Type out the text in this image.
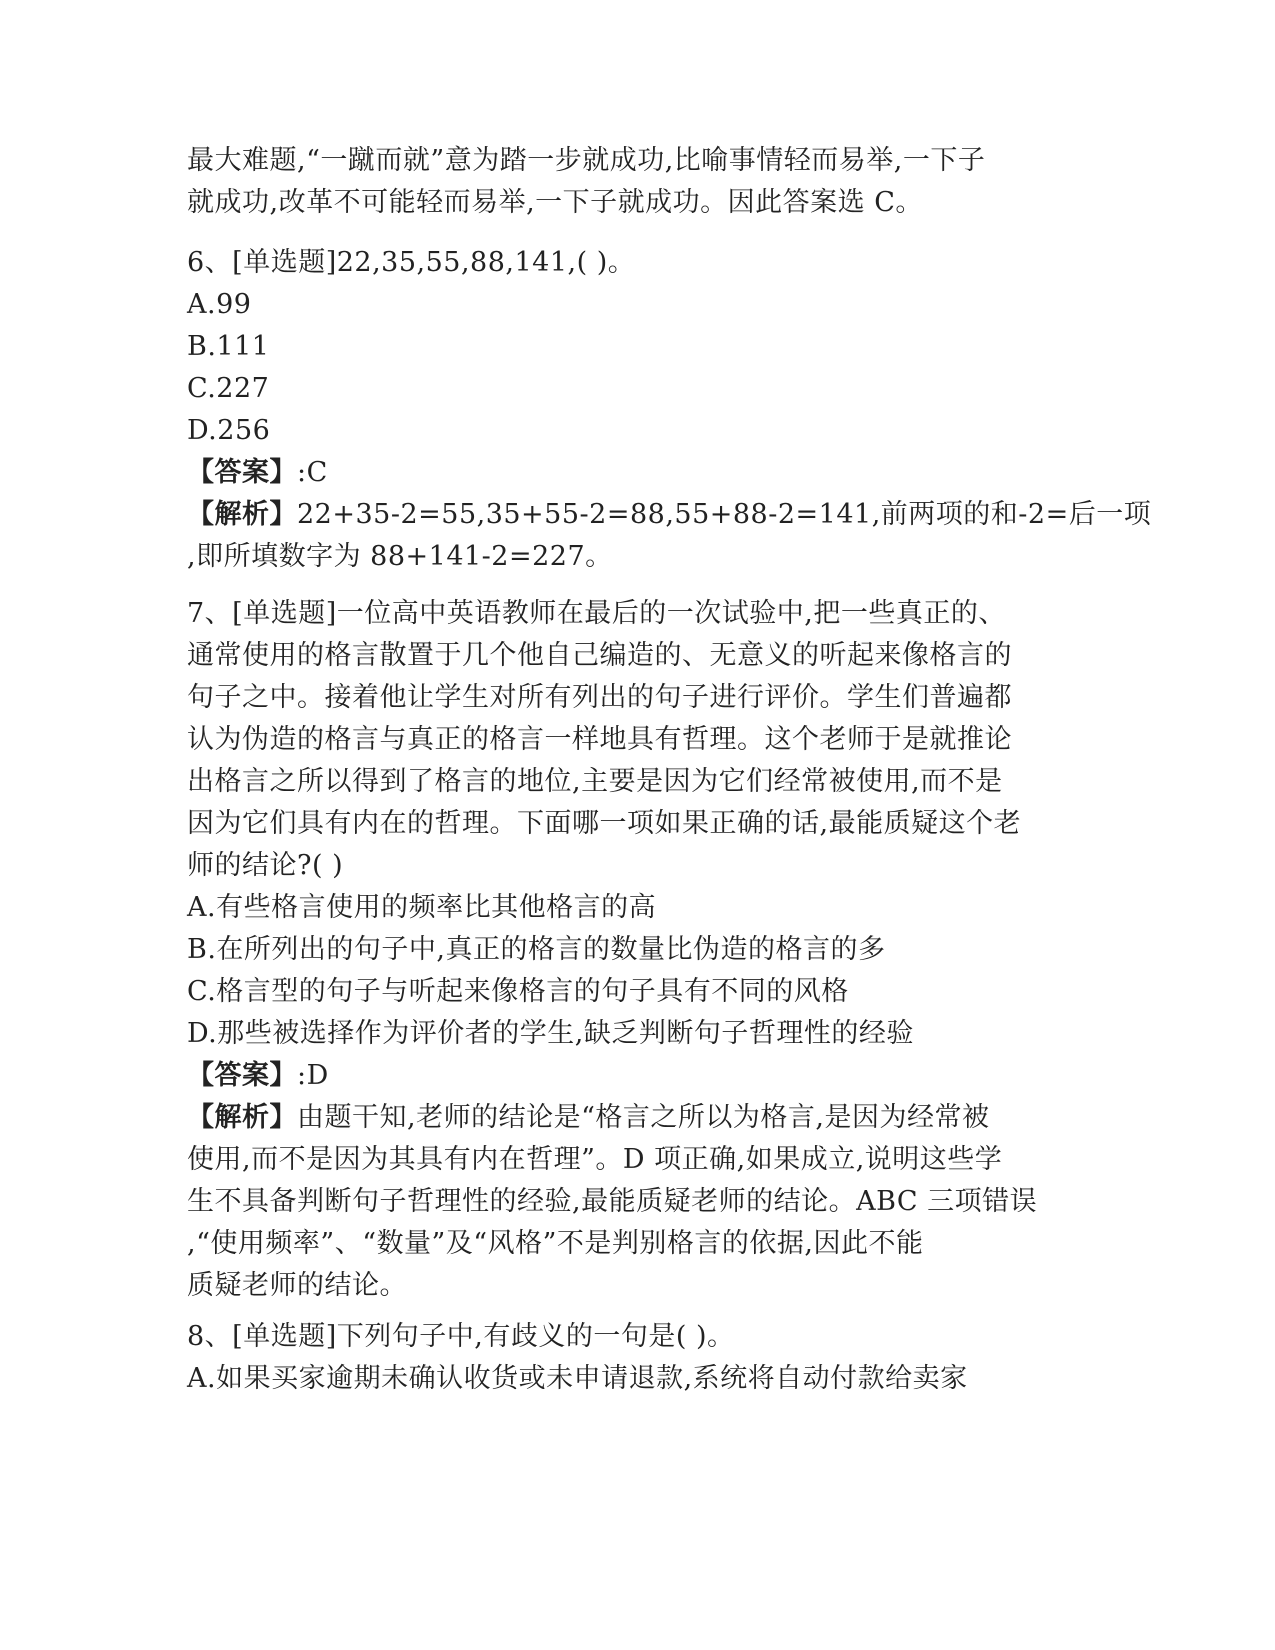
最大难题,“一蹴而就”意为踏一步就成功,比喻事情轻而易举,一下子
就成功,改革不可能轻而易举,一下子就成功。因此答案选 C。
6、[单选题]22,35,55,88,141,( )。
A.99
B.111
C.227
D.256
【答案】:C
【解析】22+35-2=55,35+55-2=88,55+88-2=141,前两项的和-2=后一项
,即所填数字为 88+141-2=227。
7、[单选题]一位高中英语教师在最后的一次试验中,把一些真正的、
通常使用的格言散置于几个他自己编造的、无意义的听起来像格言的
句子之中。接着他让学生对所有列出的句子进行评价。学生们普遍都
认为伪造的格言与真正的格言一样地具有哲理。这个老师于是就推论
出格言之所以得到了格言的地位,主要是因为它们经常被使用,而不是
因为它们具有内在的哲理。下面哪一项如果正确的话,最能质疑这个老
师的结论?( )
A.有些格言使用的频率比其他格言的高
B.在所列出的句子中,真正的格言的数量比伪造的格言的多
C.格言型的句子与听起来像格言的句子具有不同的风格
D.那些被选择作为评价者的学生,缺乏判断句子哲理性的经验
【答案】:D
【解析】由题干知,老师的结论是“格言之所以为格言,是因为经常被
使用,而不是因为其具有内在哲理”。D 项正确,如果成立,说明这些学
生不具备判断句子哲理性的经验,最能质疑老师的结论。ABC 三项错误
,“使用频率”、“数量”及“风格”不是判别格言的依据,因此不能
质疑老师的结论。
8、[单选题]下列句子中,有歧义的一句是( )。
A.如果买家逾期未确认收货或未申请退款,系统将自动付款给卖家
